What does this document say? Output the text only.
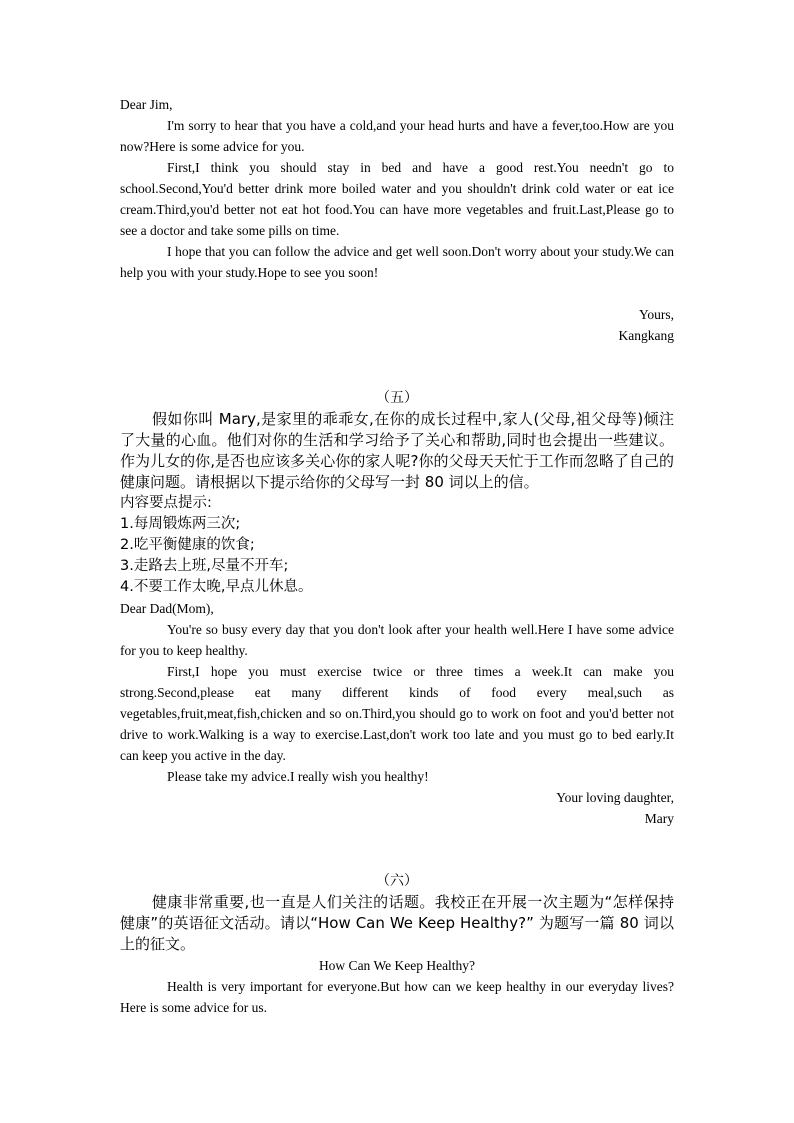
Dear Jim,

I'm sorry to hear that you have a cold,and your head hurts and have a fever,too.How are you now?Here is some advice for you.

First,I think you should stay in bed and have a good rest.You needn't go to school.Second,You'd better drink more boiled water and you shouldn't drink cold water or eat ice cream.Third,you'd better not eat hot food.You can have more vegetables and fruit.Last,Please go to see a doctor and take some pills on time.

I hope that you can follow the advice and get well soon.Don't worry about your study.We can help you with your study.Hope to see you soon!

Yours,

Kangkang

（五）

假如你叫 Mary,是家里的乖乖女,在你的成长过程中,家人(父母,祖父母等)倾注了大量的心血。他们对你的生活和学习给予了关心和帮助,同时也会提出一些建议。作为儿女的你,是否也应该多关心你的家人呢?你的父母天天忙于工作而忽略了自己的健康问题。请根据以下提示给你的父母写一封 80 词以上的信。

内容要点提示:

1.每周锻炼两三次;

2.吃平衡健康的饮食;

3.走路去上班,尽量不开车;

4.不要工作太晚,早点儿休息。

Dear Dad(Mom),

You're so busy every day that you don't look after your health well.Here I have some advice for you to keep healthy.

First,I hope you must exercise twice or three times a week.It can make you strong.Second,please eat many different kinds of food every meal,such as vegetables,fruit,meat,fish,chicken and so on.Third,you should go to work on foot and you'd better not drive to work.Walking is a way to exercise.Last,don't work too late and you must go to bed early.It can keep you active in the day.

Please take my advice.I really wish you healthy!

Your loving daughter,

Mary

（六）

健康非常重要,也一直是人们关注的话题。我校正在开展一次主题为“怎样保持健康”的英语征文活动。请以“How Can We Keep Healthy?” 为题写一篇 80 词以上的征文。

How Can We Keep Healthy?

Health is very important for everyone.But how can we keep healthy in our everyday lives?Here is some advice for us.
